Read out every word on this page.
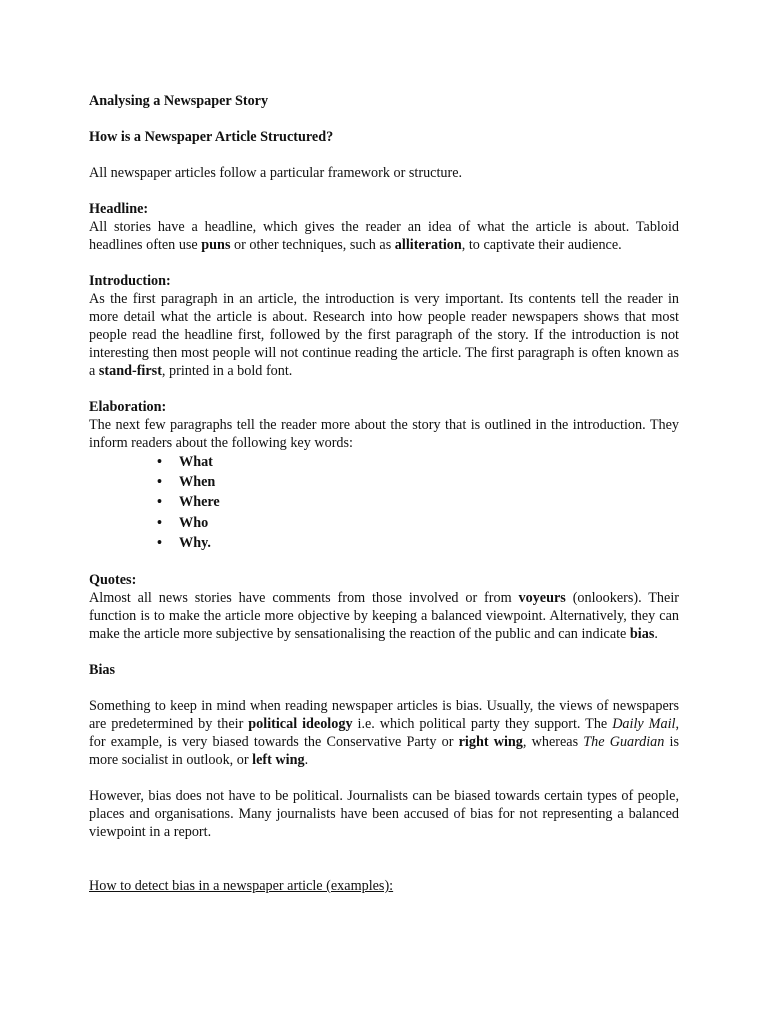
Analysing a Newspaper Story
How is a Newspaper Article Structured?

All newspaper articles follow a particular framework or structure.

Headline:

All stories have a headline, which gives the reader an idea of what the article is about. Tabloid headlines often use puns or other techniques, such as alliteration, to captivate their audience.

Introduction:

As the first paragraph in an article, the introduction is very important. Its contents tell the reader in more detail what the article is about. Research into how people reader newspapers shows that most people read the headline first, followed by the first paragraph of the story. If the introduction is not interesting then most people will not continue reading the article. The first paragraph is often known as a stand-first, printed in a bold font.

Elaboration:

The next few paragraphs tell the reader more about the story that is outlined in the introduction. They inform readers about the following key words:

• What
• When
• Where
• Who
• Why.
Quotes:

Almost all news stories have comments from those involved or from voyeurs (onlookers). Their function is to make the article more objective by keeping a balanced viewpoint. Alternatively, they can make the article more subjective by sensationalising the reaction of the public and can indicate bias.

Bias

Something to keep in mind when reading newspaper articles is bias. Usually, the views of newspapers are predetermined by their political ideology i.e. which political party they support. The Daily Mail, for example, is very biased towards the Conservative Party or right wing, whereas The Guardian is more socialist in outlook, or left wing.

However, bias does not have to be political. Journalists can be biased towards certain types of people, places and organisations. Many journalists have been accused of bias for not representing a balanced viewpoint in a report.

How to detect bias in a newspaper article (examples):
